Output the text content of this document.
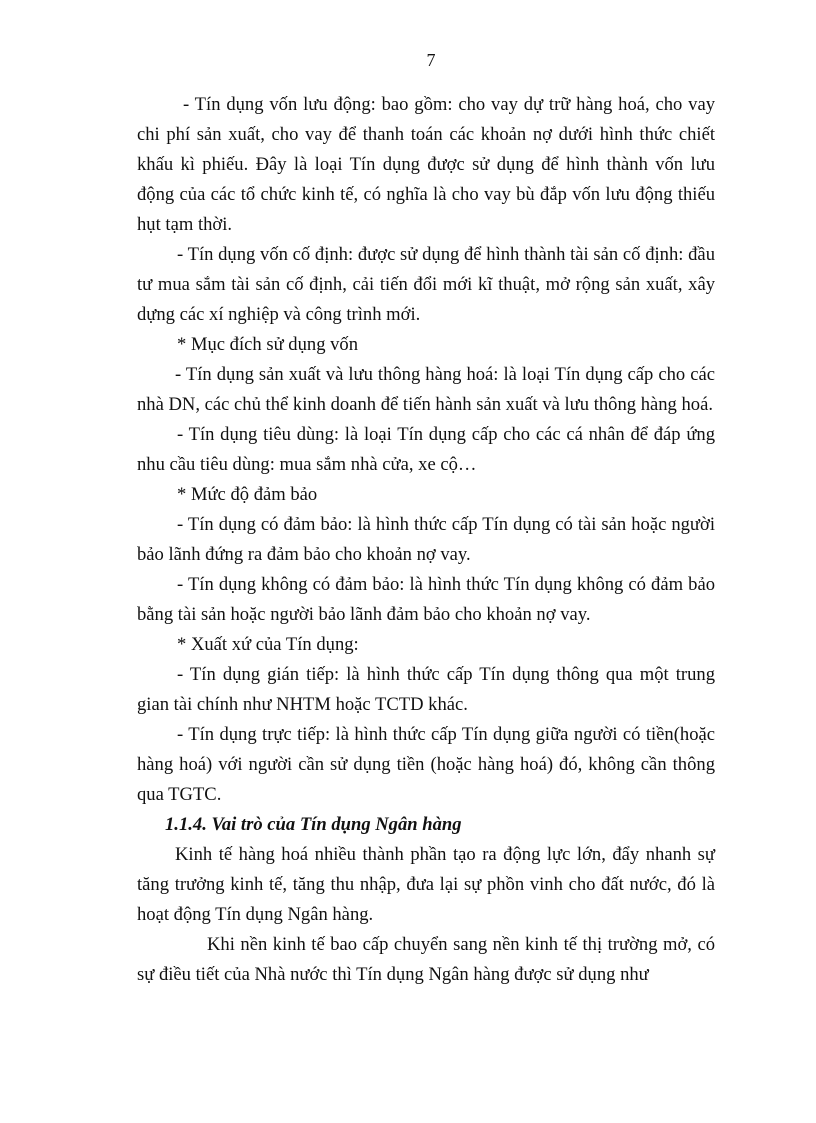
7

- Tín dụng vốn lưu động: bao gồm: cho vay dự trữ hàng hoá, cho vay chi phí sản xuất, cho vay để thanh toán các khoản nợ dưới hình thức chiết khấu kì phiếu. Đây là loại Tín dụng được sử dụng để hình thành vốn lưu động của các tổ chức kinh tế, có nghĩa là cho vay bù đắp vốn lưu động thiếu hụt tạm thời.

- Tín dụng vốn cố định: được sử dụng để hình thành tài sản cố định: đầu tư mua sắm tài sản cố định, cải tiến đổi mới kĩ thuật, mở rộng sản xuất, xây dựng các xí nghiệp và công trình mới.

* Mục đích sử dụng vốn

- Tín dụng sản xuất và lưu thông hàng hoá: là loại Tín dụng cấp cho các nhà DN, các chủ thể kinh doanh để tiến hành sản xuất và lưu thông hàng hoá.

- Tín dụng tiêu dùng: là loại Tín dụng cấp cho các cá nhân để đáp ứng nhu cầu tiêu dùng: mua sắm nhà cửa, xe cộ…

* Mức độ đảm bảo

- Tín dụng có đảm bảo: là hình thức cấp Tín dụng có tài sản hoặc người bảo lãnh đứng ra đảm bảo cho khoản nợ vay.

- Tín dụng không có đảm bảo: là hình thức Tín dụng không có đảm bảo bằng tài sản hoặc người bảo lãnh đảm bảo cho khoản nợ vay.

* Xuất xứ của Tín dụng:

- Tín dụng gián tiếp: là hình thức cấp Tín dụng thông qua một trung gian tài chính như NHTM hoặc TCTD khác.

- Tín dụng trực tiếp: là hình thức cấp Tín dụng giữa người có tiền(hoặc hàng hoá) với người cần sử dụng tiền (hoặc hàng hoá) đó, không cần thông qua TGTC.

1.1.4. Vai trò của Tín dụng Ngân hàng

Kinh tế hàng hoá nhiều thành phần tạo ra động lực lớn, đẩy nhanh sự tăng trưởng kinh tế, tăng thu nhập, đưa lại sự phồn vinh cho đất nước, đó là hoạt động Tín dụng Ngân hàng.

Khi nền kinh tế bao cấp chuyển sang nền kinh tế thị trường mở, có sự điều tiết của Nhà nước thì Tín dụng Ngân hàng được sử dụng như
